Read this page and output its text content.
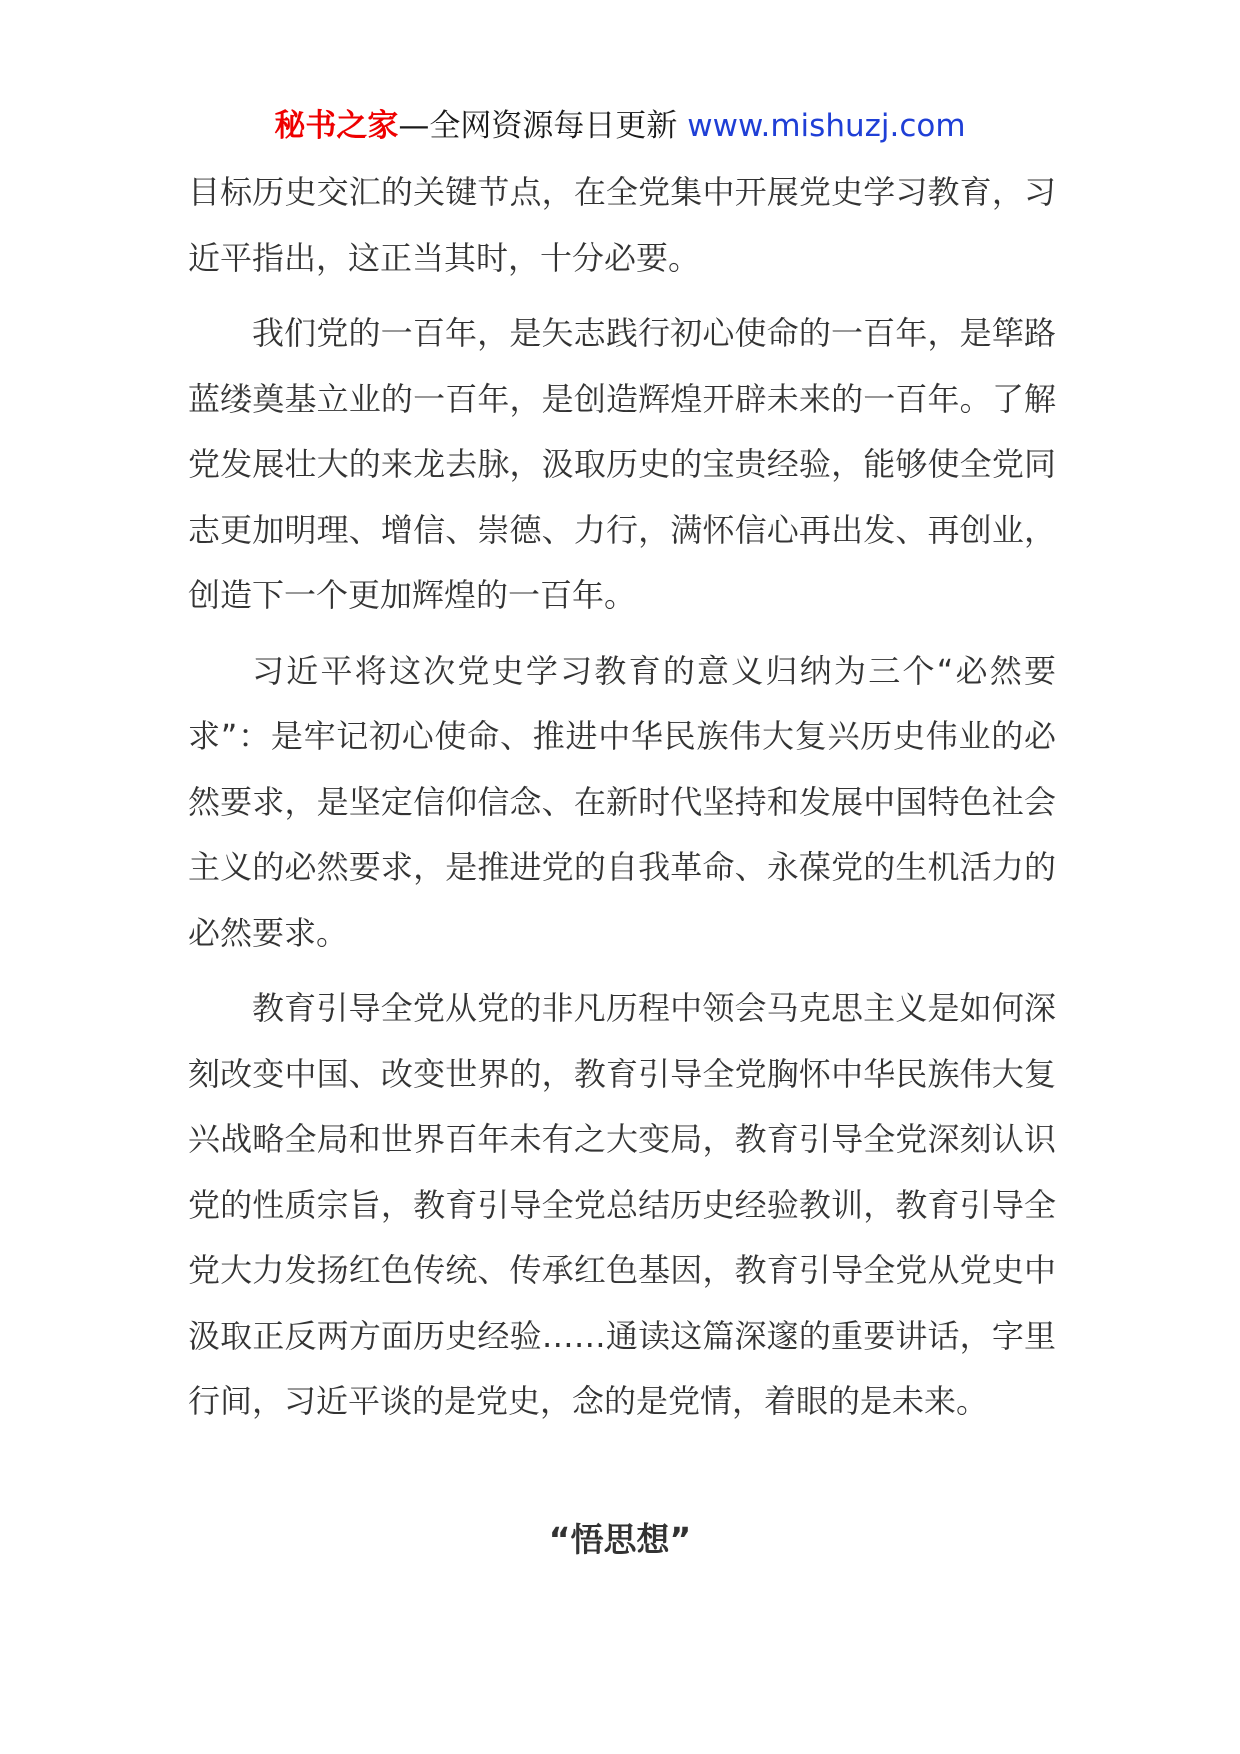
秘书之家—全网资源每日更新 www.mishuzj.com

目标历史交汇的关键节点，在全党集中开展党史学习教育，习近平指出，这正当其时，十分必要。

我们党的一百年，是矢志践行初心使命的一百年，是筚路蓝缕奠基立业的一百年，是创造辉煌开辟未来的一百年。了解党发展壮大的来龙去脉，汲取历史的宝贵经验，能够使全党同志更加明理、增信、崇德、力行，满怀信心再出发、再创业，创造下一个更加辉煌的一百年。

习近平将这次党史学习教育的意义归纳为三个“必然要求”：是牢记初心使命、推进中华民族伟大复兴历史伟业的必然要求，是坚定信仰信念、在新时代坚持和发展中国特色社会主义的必然要求，是推进党的自我革命、永葆党的生机活力的必然要求。

教育引导全党从党的非凡历程中领会马克思主义是如何深刻改变中国、改变世界的，教育引导全党胸怀中华民族伟大复兴战略全局和世界百年未有之大变局，教育引导全党深刻认识党的性质宗旨，教育引导全党总结历史经验教训，教育引导全党大力发扬红色传统、传承红色基因，教育引导全党从党史中汲取正反两方面历史经验……通读这篇深邃的重要讲话，字里行间，习近平谈的是党史，念的是党情，着眼的是未来。

“悟思想”
